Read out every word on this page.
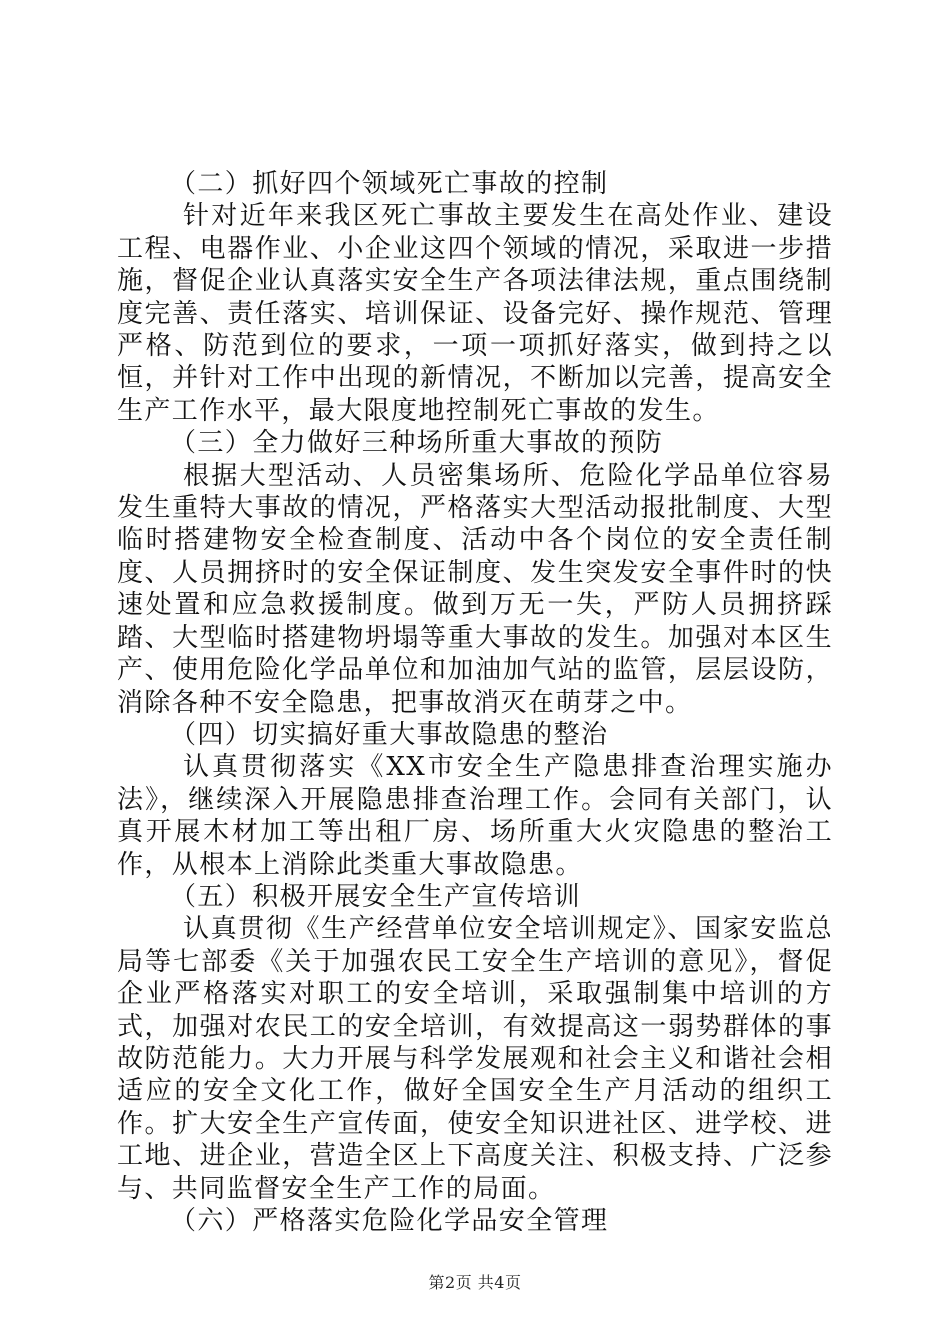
（二）抓好四个领域死亡事故的控制

针对近年来我区死亡事故主要发生在高处作业、建设工程、电器作业、小企业这四个领域的情况，采取进一步措施，督促企业认真落实安全生产各项法律法规，重点围绕制度完善、责任落实、培训保证、设备完好、操作规范、管理严格、防范到位的要求，一项一项抓好落实，做到持之以恒，并针对工作中出现的新情况，不断加以完善，提高安全生产工作水平，最大限度地控制死亡事故的发生。

（三）全力做好三种场所重大事故的预防

根据大型活动、人员密集场所、危险化学品单位容易发生重特大事故的情况，严格落实大型活动报批制度、大型临时搭建物安全检查制度、活动中各个岗位的安全责任制度、人员拥挤时的安全保证制度、发生突发安全事件时的快速处置和应急救援制度。做到万无一失，严防人员拥挤踩踏、大型临时搭建物坍塌等重大事故的发生。加强对本区生产、使用危险化学品单位和加油加气站的监管，层层设防，消除各种不安全隐患，把事故消灭在萌芽之中。

（四）切实搞好重大事故隐患的整治

认真贯彻落实《XX市安全生产隐患排查治理实施办法》，继续深入开展隐患排查治理工作。会同有关部门，认真开展木材加工等出租厂房、场所重大火灾隐患的整治工作，从根本上消除此类重大事故隐患。

（五）积极开展安全生产宣传培训

认真贯彻《生产经营单位安全培训规定》、国家安监总局等七部委《关于加强农民工安全生产培训的意见》，督促企业严格落实对职工的安全培训，采取强制集中培训的方式，加强对农民工的安全培训，有效提高这一弱势群体的事故防范能力。大力开展与科学发展观和社会主义和谐社会相适应的安全文化工作，做好全国安全生产月活动的组织工作。扩大安全生产宣传面，使安全知识进社区、进学校、进工地、进企业，营造全区上下高度关注、积极支持、广泛参与、共同监督安全生产工作的局面。

（六）严格落实危险化学品安全管理

第2页 共4页
